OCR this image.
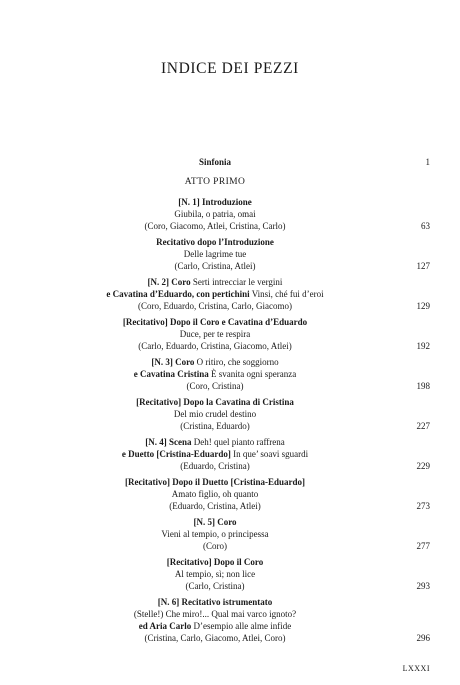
INDICE DEI PEZZI
Sinfonia	1
ATTO PRIMO
[N. 1] Introduzione
Giubila, o patria, omai
(Coro, Giacomo, Atlei, Cristina, Carlo)	63
Recitativo dopo l’Introduzione
Delle lagrime tue
(Carlo, Cristina, Atlei)	127
[N. 2] Coro Serti intrecciar le vergini
e Cavatina d’Eduardo, con pertichini Vinsi, ché fui d’eroi
(Coro, Eduardo, Cristina, Carlo, Giacomo)	129
[Recitativo] Dopo il Coro e Cavatina d’Eduardo
Duce, per te respira
(Carlo, Eduardo, Cristina, Giacomo, Atlei)	192
[N. 3] Coro O ritiro, che soggiorno
e Cavatina Cristina È svanita ogni speranza
(Coro, Cristina)	198
[Recitativo] Dopo la Cavatina di Cristina
Del mio crudel destino
(Cristina, Eduardo)	227
[N. 4] Scena Deh! quel pianto raffrena
e Duetto [Cristina-Eduardo] In que’ soavi sguardi
(Eduardo, Cristina)	229
[Recitativo] Dopo il Duetto [Cristina-Eduardo]
Amato figlio, oh quanto
(Eduardo, Cristina, Atlei)	273
[N. 5] Coro
Vieni al tempio, o principessa
(Coro)	277
[Recitativo] Dopo il Coro
Al tempio, sì; non lice
(Carlo, Cristina)	293
[N. 6] Recitativo istrumentato
(Stelle!) Che miro!... Qual mai varco ignoto?
ed Aria Carlo D’esempio alle alme infide
(Cristina, Carlo, Giacomo, Atlei, Coro)	296
LXXXI
